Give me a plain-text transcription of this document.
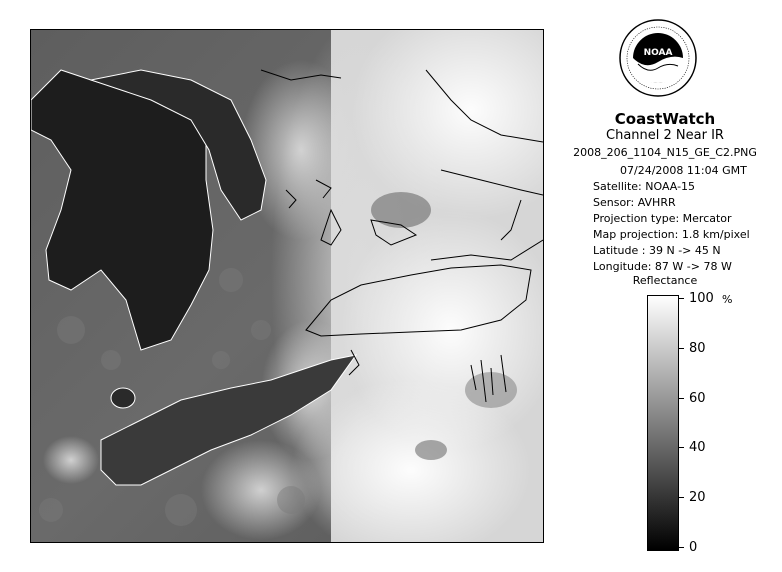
NOAA
CoastWatch
Channel 2 Near IR
2008_206_1104_N15_GE_C2.PNG
07/24/2008 11:04 GMT
Satellite: NOAA-15
Sensor: AVHRR
Projection type: Mercator
Map projection: 1.8 km/pixel
Latitude : 39 N -> 45 N
Longitude: 87 W -> 78 W
Reflectance
%
100
80
60
40
20
0
